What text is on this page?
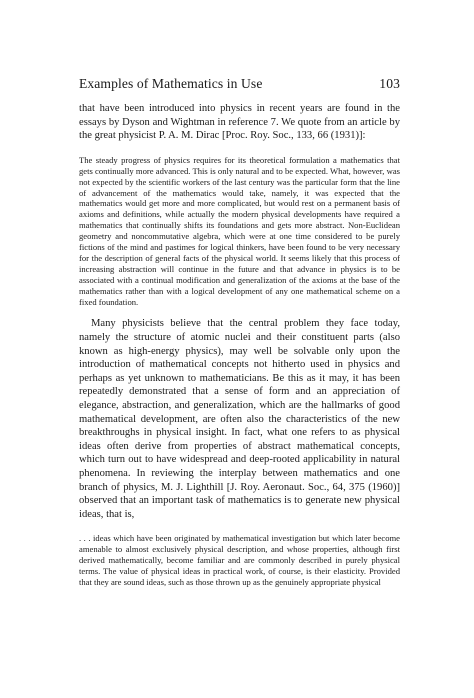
Examples of Mathematics in Use	103

that have been introduced into physics in recent years are found in the essays by Dyson and Wightman in reference 7. We quote from an article by the great physicist P. A. M. Dirac [Proc. Roy. Soc., 133, 66 (1931)]:

The steady progress of physics requires for its theoretical formulation a mathematics that gets continually more advanced. This is only natural and to be expected. What, however, was not expected by the scientific workers of the last century was the particular form that the line of advancement of the mathematics would take, namely, it was expected that the mathematics would get more and more complicated, but would rest on a permanent basis of axioms and definitions, while actually the modern physical developments have required a mathematics that continually shifts its foundations and gets more abstract. Non-Euclidean geometry and noncommutative algebra, which were at one time considered to be purely fictions of the mind and pastimes for logical thinkers, have been found to be very necessary for the description of general facts of the physical world. It seems likely that this process of increasing abstraction will continue in the future and that advance in physics is to be associated with a continual modification and generalization of the axioms at the base of the mathematics rather than with a logical development of any one mathematical scheme on a fixed foundation.

Many physicists believe that the central problem they face today, namely the structure of atomic nuclei and their constituent parts (also known as high-energy physics), may well be solvable only upon the introduction of mathematical concepts not hitherto used in physics and perhaps as yet unknown to mathematicians. Be this as it may, it has been repeatedly demonstrated that a sense of form and an appreciation of elegance, abstraction, and generalization, which are the hallmarks of good mathematical development, are often also the characteristics of the new breakthroughs in physical insight. In fact, what one refers to as physical ideas often derive from properties of abstract mathematical concepts, which turn out to have widespread and deep-rooted applicability in natural phenomena. In reviewing the interplay between mathematics and one branch of physics, M. J. Lighthill [J. Roy. Aeronaut. Soc., 64, 375 (1960)] observed that an important task of mathematics is to generate new physical ideas, that is,

. . . ideas which have been originated by mathematical investigation but which later become amenable to almost exclusively physical description, and whose properties, although first derived mathematically, become familiar and are commonly described in purely physical terms. The value of physical ideas in practical work, of course, is their elasticity. Provided that they are sound ideas, such as those thrown up as the genuinely appropriate physical
